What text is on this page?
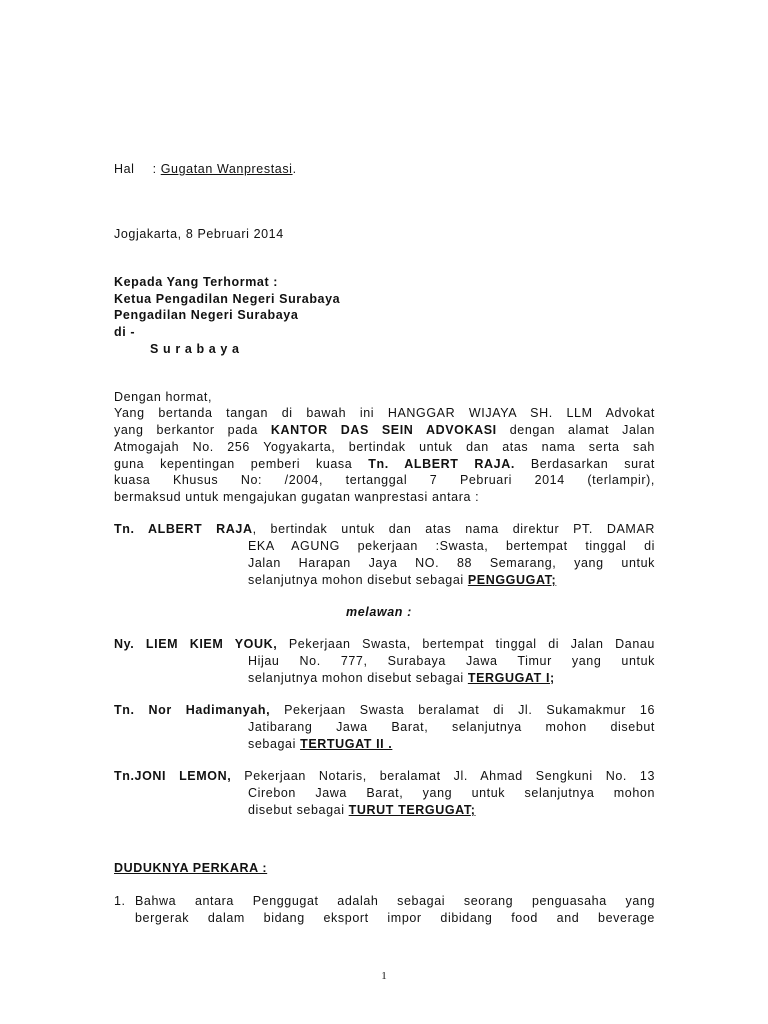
Hal : Gugatan Wanprestasi.
Jogjakarta, 8 Pebruari 2014
Kepada Yang Terhormat :
Ketua Pengadilan Negeri Surabaya
Pengadilan Negeri Surabaya
di -
S u r a b a y a
Dengan hormat,
Yang bertanda tangan di bawah ini HANGGAR WIJAYA SH. LLM Advokat
yang berkantor pada KANTOR DAS SEIN ADVOKASI dengan alamat Jalan
Atmogajah No. 256 Yogyakarta, bertindak untuk dan atas nama serta sah
guna kepentingan pemberi kuasa Tn. ALBERT RAJA. Berdasarkan surat
kuasa Khusus No: /2004, tertanggal 7 Pebruari 2014 (terlampir),
bermaksud untuk mengajukan gugatan wanprestasi antara :
Tn. ALBERT RAJA, bertindak untuk dan atas nama direktur PT. DAMAR
EKA AGUNG pekerjaan :Swasta, bertempat tinggal di
Jalan Harapan Jaya NO. 88 Semarang, yang untuk
selanjutnya mohon disebut sebagai PENGGUGAT;
melawan :
Ny. LIEM KIEM YOUK, Pekerjaan Swasta, bertempat tinggal di Jalan Danau
Hijau No. 777, Surabaya Jawa Timur yang untuk
selanjutnya mohon disebut sebagai TERGUGAT I;
Tn. Nor Hadimanyah, Pekerjaan Swasta beralamat di Jl. Sukamakmur 16
Jatibarang Jawa Barat, selanjutnya mohon disebut
sebagai TERTUGAT II .
Tn.JONI LEMON, Pekerjaan Notaris, beralamat Jl. Ahmad Sengkuni No. 13
Cirebon Jawa Barat, yang untuk selanjutnya mohon
disebut sebagai TURUT TERGUGAT;
DUDUKNYA PERKARA :
1. Bahwa antara Penggugat adalah sebagai seorang penguasaha yang
bergerak dalam bidang eksport impor dibidang food and beverage
1
